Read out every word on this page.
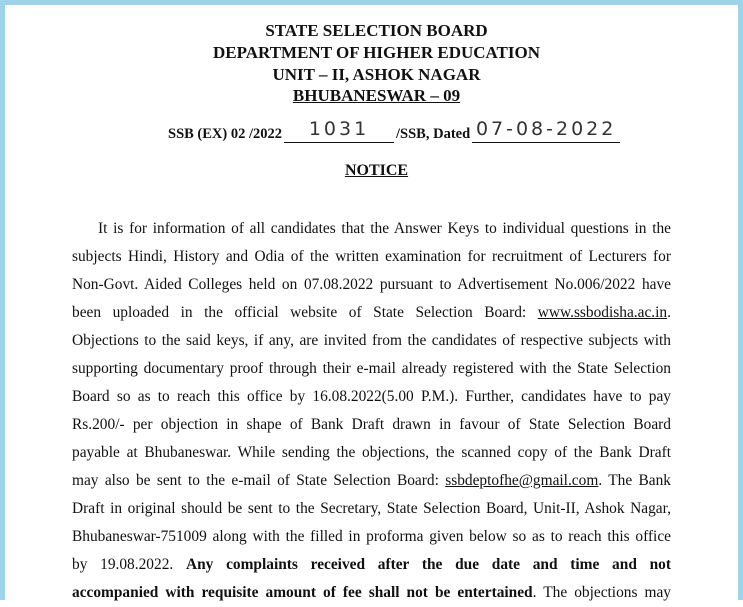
STATE SELECTION BOARD
DEPARTMENT OF HIGHER EDUCATION
UNIT – II, ASHOK NAGAR
BHUBANESWAR – 09
SSB (EX) 02 /2022	1031	/SSB, Dated 07-08-2022
NOTICE
It is for information of all candidates that the Answer Keys to individual questions in the
subjects Hindi, History and Odia of the written examination for recruitment of Lecturers for
Non-Govt. Aided Colleges held on 07.08.2022 pursuant to Advertisement No.006/2022 have
been uploaded in the official website of State Selection Board: www.ssbodisha.ac.in.
Objections to the said keys, if any, are invited from the candidates of respective subjects with
supporting documentary proof through their e-mail already registered with the State Selection
Board so as to reach this office by 16.08.2022(5.00 P.M.). Further, candidates have to pay
Rs.200/- per objection in shape of Bank Draft drawn in favour of State Selection Board
payable at Bhubaneswar. While sending the objections, the scanned copy of the Bank Draft
may also be sent to the e-mail of State Selection Board: ssbdeptofhe@gmail.com. The Bank
Draft in original should be sent to the Secretary, State Selection Board, Unit-II, Ashok Nagar,
Bhubaneswar-751009 along with the filled in proforma given below so as to reach this office
by 19.08.2022. Any complaints received after the due date and time and not
accompanied with requisite amount of fee shall not be entertained. The objections may
